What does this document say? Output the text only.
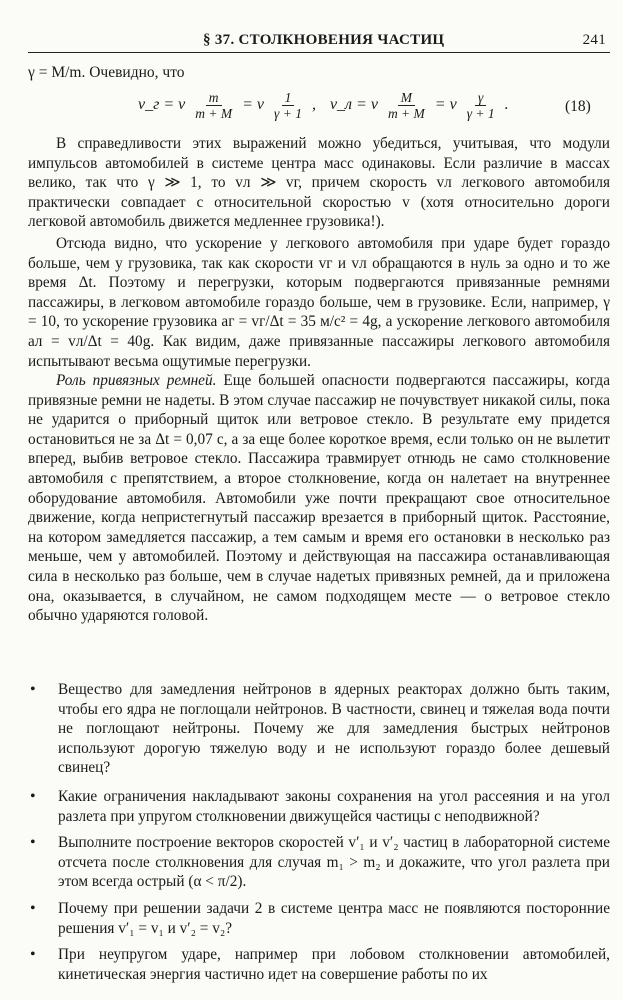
§ 37. СТОЛКНОВЕНИЯ ЧАСТИЦ	241
γ = M/m. Очевидно, что
v_г = v $\frac{m}{m + M} = v \frac{1}{\gamma + 1}$ , v_л = v $\frac{M}{m + M} = v \frac{\gamma}{\gamma + 1}$ .	(18)

В справедливости этих выражений можно убедиться, учитывая, что модули импульсов автомобилей в системе центра масс одинаковы. Если различие в массах велико, так что γ ≫ 1, то vл ≫ vг, причем скорость vл легкового автомобиля практически совпадает с относительной скоростью v (хотя относительно дороги легковой автомобиль движется медленнее грузовика!).

Отсюда видно, что ускорение у легкового автомобиля при ударе будет гораздо больше, чем у грузовика, так как скорости vг и vл обращаются в нуль за одно и то же время Δt. Поэтому и перегрузки, которым подвергаются привязанные ремнями пассажиры, в легковом автомобиле гораздо больше, чем в грузовике. Если, например, γ = 10, то ускорение грузовика aг = vг/Δt = 35 м/с² = 4g, а ускорение легкового автомобиля aл = vл/Δt = 40g. Как видим, даже привязанные пассажиры легкового автомобиля испытывают весьма ощутимые перегрузки.

Роль привязных ремней. Еще большей опасности подвергаются пассажиры, когда привязные ремни не надеты. В этом случае пассажир не почувствует никакой силы, пока не ударится о приборный щиток или ветровое стекло. В результате ему придется остановиться не за Δt = 0,07 с, а за еще более короткое время, если только он не вылетит вперед, выбив ветровое стекло. Пассажира травмирует отнюдь не само столкновение автомобиля с препятствием, а второе столкновение, когда он налетает на внутреннее оборудование автомобиля. Автомобили уже почти прекращают свое относительное движение, когда непристегнутый пассажир врезается в приборный щиток. Расстояние, на котором замедляется пассажир, а тем самым и время его остановки в несколько раз меньше, чем у автомобилей. Поэтому и действующая на пассажира останавливающая сила в несколько раз больше, чем в случае надетых привязных ремней, да и приложена она, оказывается, в случайном, не самом подходящем месте — о ветровое стекло обычно ударяются головой.

• Вещество для замедления нейтронов в ядерных реакторах должно быть таким, чтобы его ядра не поглощали нейтронов. В частности, свинец и тяжелая вода почти не поглощают нейтроны. Почему же для замедления быстрых нейтронов используют дорогую тяжелую воду и не используют гораздо более дешевый свинец?
• Какие ограничения накладывают законы сохранения на угол рассеяния и на угол разлета при упругом столкновении движущейся частицы с неподвижной?
• Выполните построение векторов скоростей v′₁ и v′₂ частиц в лабораторной системе отсчета после столкновения для случая m₁ > m₂ и докажите, что угол разлета при этом всегда острый (α < π/2).
• Почему при решении задачи 2 в системе центра масс не появляются посторонние решения v′₁ = v₁ и v′₂ = v₂?
• При неупругом ударе, например при лобовом столкновении автомобилей, кинетическая энергия частично идет на совершение работы по их
